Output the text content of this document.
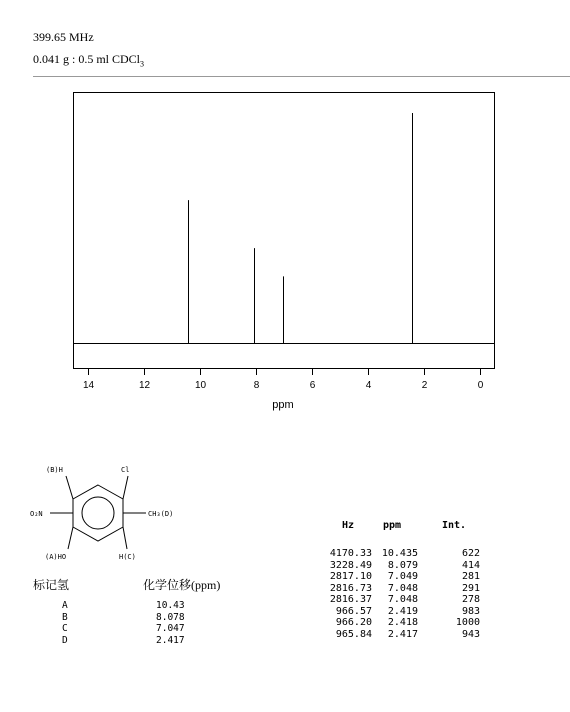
399.65 MHz
0.041 g : 0.5 ml CDCl$_3$
14	12	10	8	6	4	2	0
ppm
(B)H	Cl
O₂N	CH₃(D)
(A)HO	H(C)
标记氢	化学位移(ppm)
A	10.43
B	8.078
C	7.047
D	2.417
Hz	ppm	Int.
4170.33 10.435	622
3228.49 8.079	414
2817.10 7.049	281
2816.73 7.048	291
2816.37 7.048	278
966.57 2.419	983
966.20 2.418	1000
965.84 2.417	943
